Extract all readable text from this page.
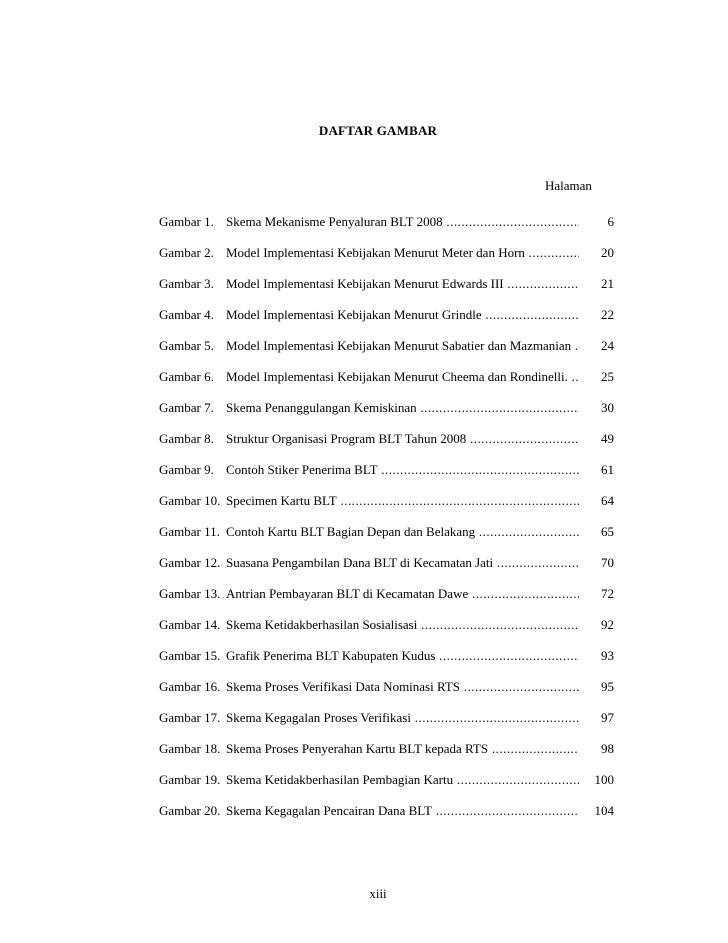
DAFTAR GAMBAR
Halaman
Gambar 1. Skema Mekanisme Penyaluran BLT 2008 .....	6
Gambar 2. Model Implementasi Kebijakan Menurut Meter dan Horn .....	20
Gambar 3. Model Implementasi Kebijakan Menurut Edwards III .....	21
Gambar 4. Model Implementasi Kebijakan Menurut Grindle .....	22
Gambar 5. Model Implementasi Kebijakan Menurut Sabatier dan Mazmanian .....	24
Gambar 6. Model Implementasi Kebijakan Menurut Cheema dan Rondinelli. .....	25
Gambar 7. Skema Penanggulangan Kemiskinan .....	30
Gambar 8. Struktur Organisasi Program BLT Tahun 2008 .....	49
Gambar 9. Contoh Stiker Penerima BLT .....	61
Gambar 10. Specimen Kartu BLT .....	64
Gambar 11. Contoh Kartu BLT Bagian Depan dan Belakang .....	65
Gambar 12. Suasana Pengambilan Dana BLT di Kecamatan Jati .....	70
Gambar 13. Antrian Pembayaran BLT di Kecamatan Dawe .....	72
Gambar 14. Skema Ketidakberhasilan Sosialisasi .....	92
Gambar 15. Grafik Penerima BLT Kabupaten Kudus .....	93
Gambar 16. Skema Proses Verifikasi Data Nominasi RTS .....	95
Gambar 17. Skema Kegagalan Proses Verifikasi .....	97
Gambar 18. Skema Proses Penyerahan Kartu BLT kepada RTS .....	98
Gambar 19. Skema Ketidakberhasilan Pembagian Kartu .....	100
Gambar 20. Skema Kegagalan Pencairan Dana BLT .....	104
xiii
